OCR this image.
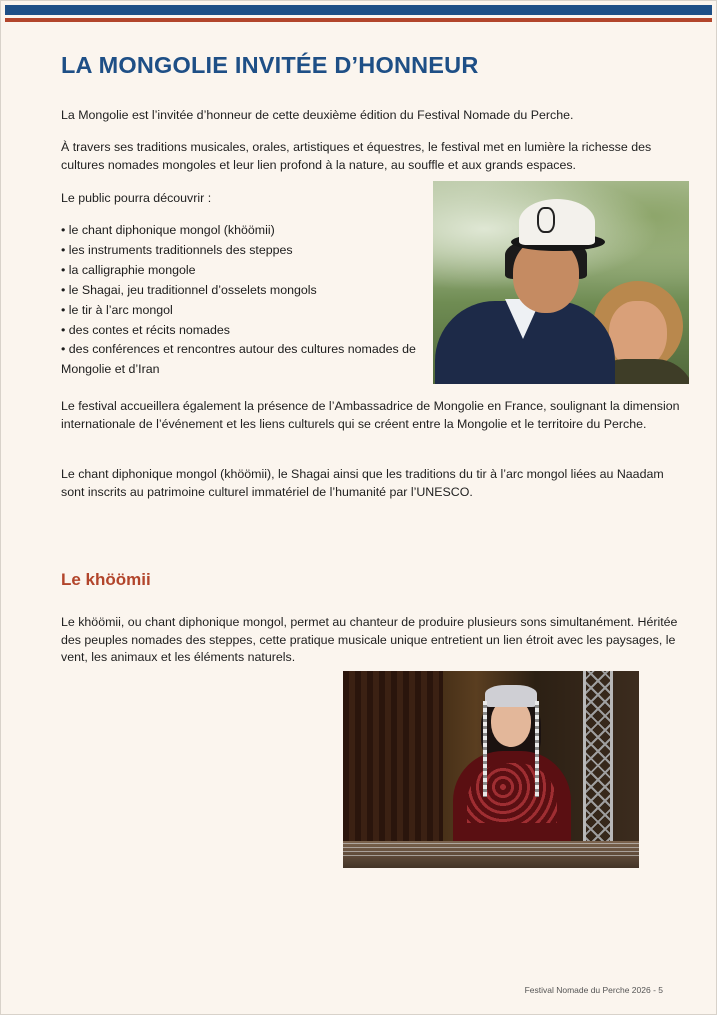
LA MONGOLIE INVITÉE D’HONNEUR

La Mongolie est l’invitée d’honneur de cette deuxième édition du Festival Nomade du Perche.

À travers ses traditions musicales, orales, artistiques et équestres, le festival met en lumière la richesse des cultures nomades mongoles et leur lien profond à la nature, au souffle et aux grands espaces.

Le public pourra découvrir :

• le chant diphonique mongol (khöömii)
• les instruments traditionnels des steppes
• la calligraphie mongole
• le Shagai, jeu traditionnel d’osselets mongols
• le tir à l’arc mongol
• des contes et récits nomades
• des conférences et rencontres autour des cultures nomades de Mongolie et d’Iran

Le festival accueillera également la présence de l’Ambassadrice de Mongolie en France, soulignant la dimension internationale de l’événement et les liens culturels qui se créent entre la Mongolie et le territoire du Perche.

Le chant diphonique mongol (khöömii), le Shagai ainsi que les traditions du tir à l’arc mongol liées au Naadam sont inscrits au patrimoine culturel immatériel de l’humanité par l’UNESCO.

Le khöömii

Le khöömii, ou chant diphonique mongol, permet au chanteur de produire plusieurs sons simultanément. Héritée des peuples nomades des steppes, cette pratique musicale unique entretient un lien étroit avec les paysages, le vent, les animaux et les éléments naturels.

Festival Nomade du Perche 2026 - 5
